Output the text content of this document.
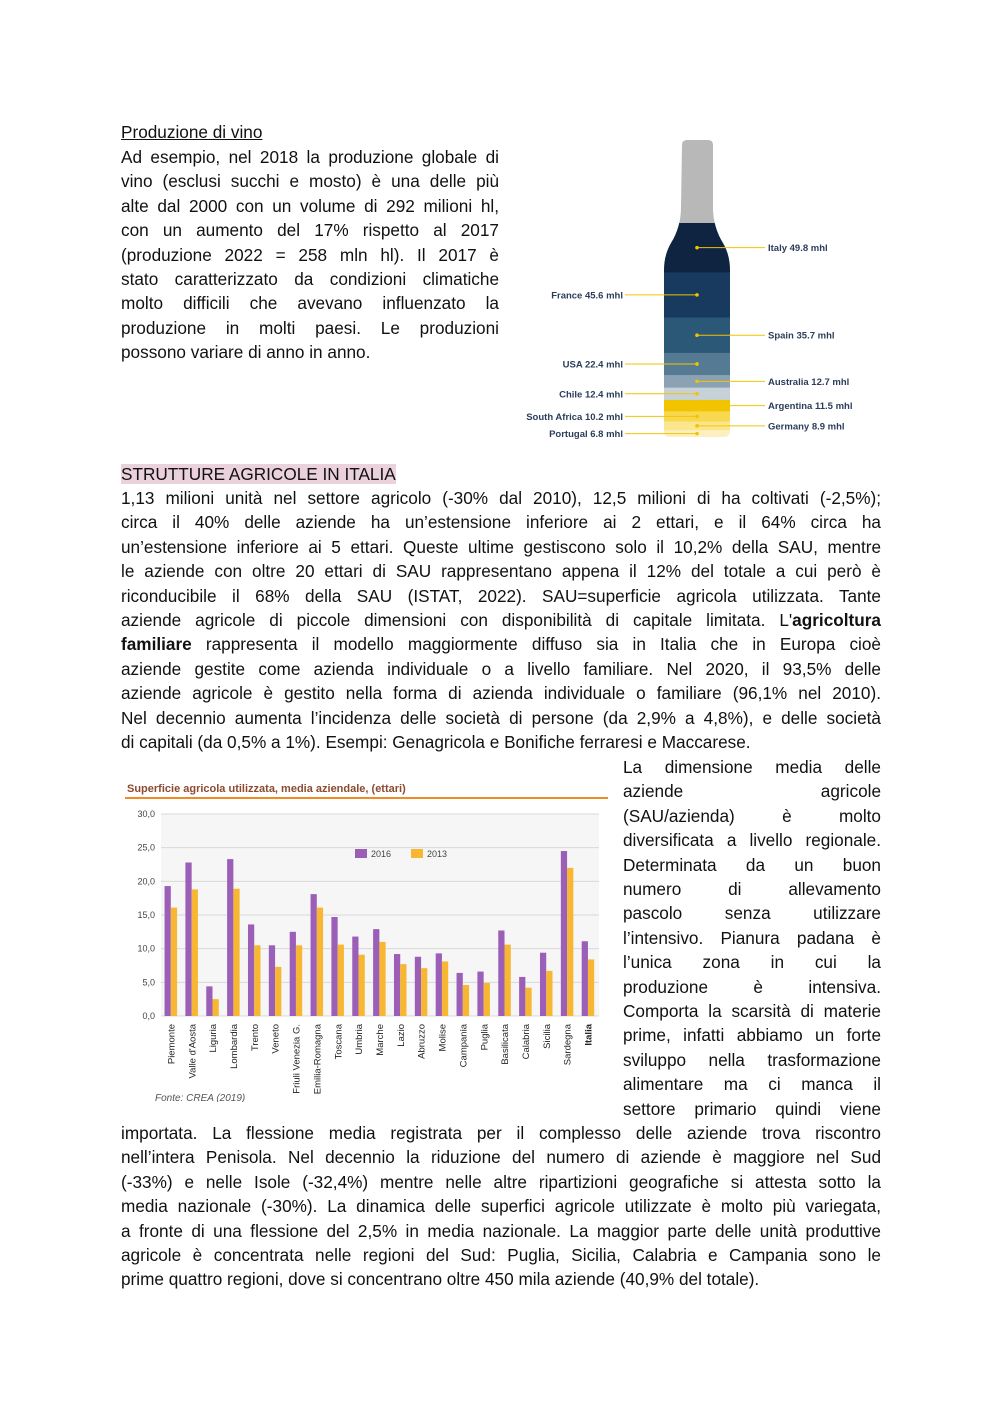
Produzione di vino
Ad esempio, nel 2018 la produzione globale di
vino (esclusi succhi e mosto) è una delle più
alte dal 2000 con un volume di 292 milioni hl,
con un aumento del 17% rispetto al 2017
(produzione 2022 = 258 mln hl). Il 2017 è
stato caratterizzato da condizioni climatiche
molto difficili che avevano influenzato la
produzione in molti paesi. Le produzioni
possono variare di anno in anno.
Italy 49.8 mhl
France 45.6 mhl
Spain 35.7 mhl
USA 22.4 mhl
Australia 12.7 mhl
Chile 12.4 mhl
Argentina 11.5 mhl
South Africa 10.2 mhl
Germany 8.9 mhl
Portugal 6.8 mhl
STRUTTURE AGRICOLE IN ITALIA
1,13 milioni unità nel settore agricolo (-30% dal 2010), 12,5 milioni di ha coltivati (-2,5%);
circa il 40% delle aziende ha un’estensione inferiore ai 2 ettari, e il 64% circa ha
un’estensione inferiore ai 5 ettari. Queste ultime gestiscono solo il 10,2% della SAU, mentre
le aziende con oltre 20 ettari di SAU rappresentano appena il 12% del totale a cui però è
riconducibile il 68% della SAU (ISTAT, 2022). SAU=superficie agricola utilizzata. Tante
aziende agricole di piccole dimensioni con disponibilità di capitale limitata. L'agricoltura
familiare rappresenta il modello maggiormente diffuso sia in Italia che in Europa cioè
aziende gestite come azienda individuale o a livello familiare. Nel 2020, il 93,5% delle
aziende agricole è gestito nella forma di azienda individuale o familiare (96,1% nel 2010).
Nel decennio aumenta l’incidenza delle società di persone (da 2,9% a 4,8%), e delle società
di capitali (da 0,5% a 1%). Esempi: Genagricola e Bonifiche ferraresi e Maccarese.
Superficie agricola utilizzata, media aziendale, (ettari)
30,0
25,0
20,0
15,0
10,0
5,0
0,0
Piemonte Valle d'Aosta Liguria Lombardia Trento Veneto Friuli Venezia G. Emilia-Romagna Toscana Umbria Marche Lazio Abruzzo Molise Campania Puglia Basilicata Calabria Sicilia Sardegna Italia
2016	2013
Fonte: CREA (2019)
La dimensione media delle
aziende agricole
(SAU/azienda) è molto
diversificata a livello regionale.
Determinata da un buon
numero di allevamento
pascolo senza utilizzare
l’intensivo. Pianura padana è
l’unica zona in cui la
produzione è intensiva.
Comporta la scarsità di materie
prime, infatti abbiamo un forte
sviluppo nella trasformazione
alimentare ma ci manca il
settore primario quindi viene
importata. La flessione media registrata per il complesso delle aziende trova riscontro
nell’intera Penisola. Nel decennio la riduzione del numero di aziende è maggiore nel Sud
(-33%) e nelle Isole (-32,4%) mentre nelle altre ripartizioni geografiche si attesta sotto la
media nazionale (-30%). La dinamica delle superfici agricole utilizzate è molto più variegata,
a fronte di una flessione del 2,5% in media nazionale. La maggior parte delle unità produttive
agricole è concentrata nelle regioni del Sud: Puglia, Sicilia, Calabria e Campania sono le
prime quattro regioni, dove si concentrano oltre 450 mila aziende (40,9% del totale).
